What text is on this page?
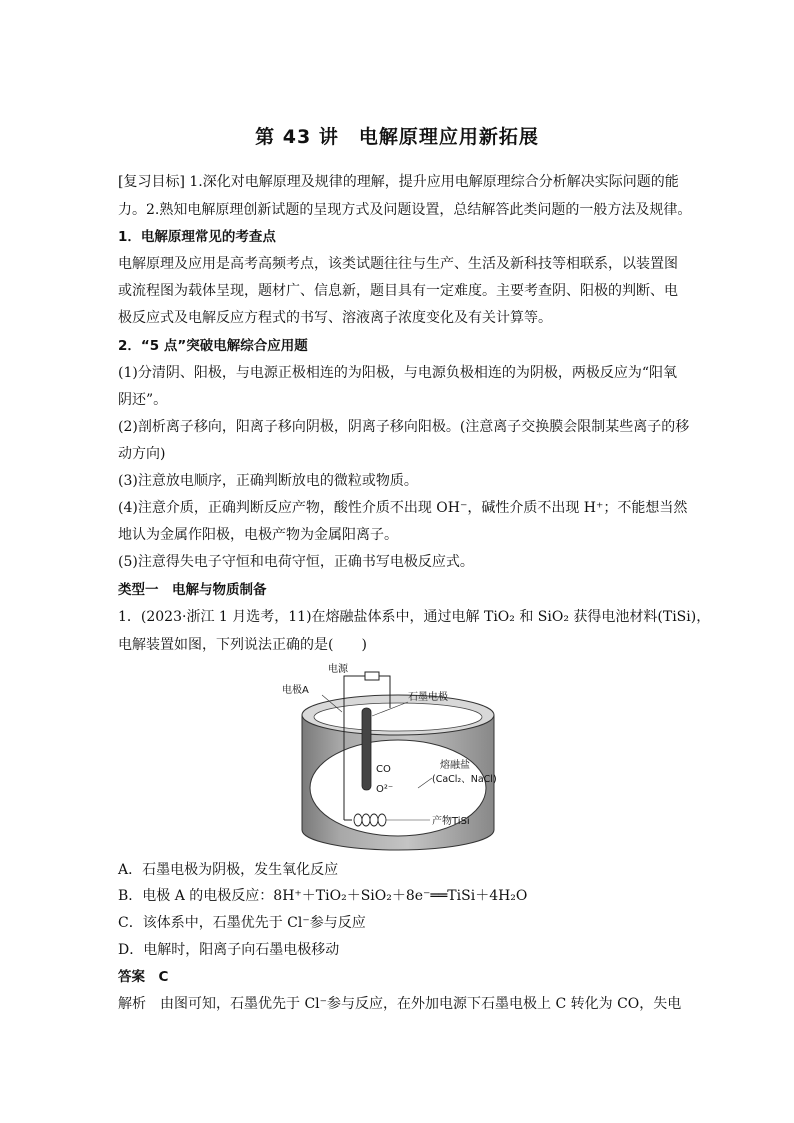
第 43 讲　电解原理应用新拓展
[复习目标] 1.深化对电解原理及规律的理解，提升应用电解原理综合分析解决实际问题的能
力。2.熟知电解原理创新试题的呈现方式及问题设置，总结解答此类问题的一般方法及规律。
1．电解原理常见的考查点
电解原理及应用是高考高频考点，该类试题往往与生产、生活及新科技等相联系，以装置图
或流程图为载体呈现，题材广、信息新，题目具有一定难度。主要考查阴、阳极的判断、电
极反应式及电解反应方程式的书写、溶液离子浓度变化及有关计算等。
2．“5 点”突破电解综合应用题
(1)分清阴、阳极，与电源正极相连的为阳极，与电源负极相连的为阴极，两极反应为“阳氧
阴还”。
(2)剖析离子移向，阳离子移向阴极，阴离子移向阳极。(注意离子交换膜会限制某些离子的移
动方向)
(3)注意放电顺序，正确判断放电的微粒或物质。
(4)注意介质，正确判断反应产物，酸性介质不出现 OH⁻，碱性介质不出现 H⁺；不能想当然
地认为金属作阳极，电极产物为金属阳离子。
(5)注意得失电子守恒和电荷守恒，正确书写电极反应式。
类型一　电解与物质制备
1．(2023·浙江 1 月选考，11)在熔融盐体系中，通过电解 TiO₂ 和 SiO₂ 获得电池材料(TiSi)，
电解装置如图，下列说法正确的是(　　)
电源
电极A
石墨电极
CO
O²⁻
熔融盐
(CaCl₂、NaCl)
产物TiSi
A．石墨电极为阴极，发生氧化反应
B．电极 A 的电极反应：8H⁺＋TiO₂＋SiO₂＋8e⁻══TiSi＋4H₂O
C．该体系中，石墨优先于 Cl⁻参与反应
D．电解时，阳离子向石墨电极移动
答案　C
解析　由图可知，石墨优先于 Cl⁻参与反应，在外加电源下石墨电极上 C 转化为 CO，失电
